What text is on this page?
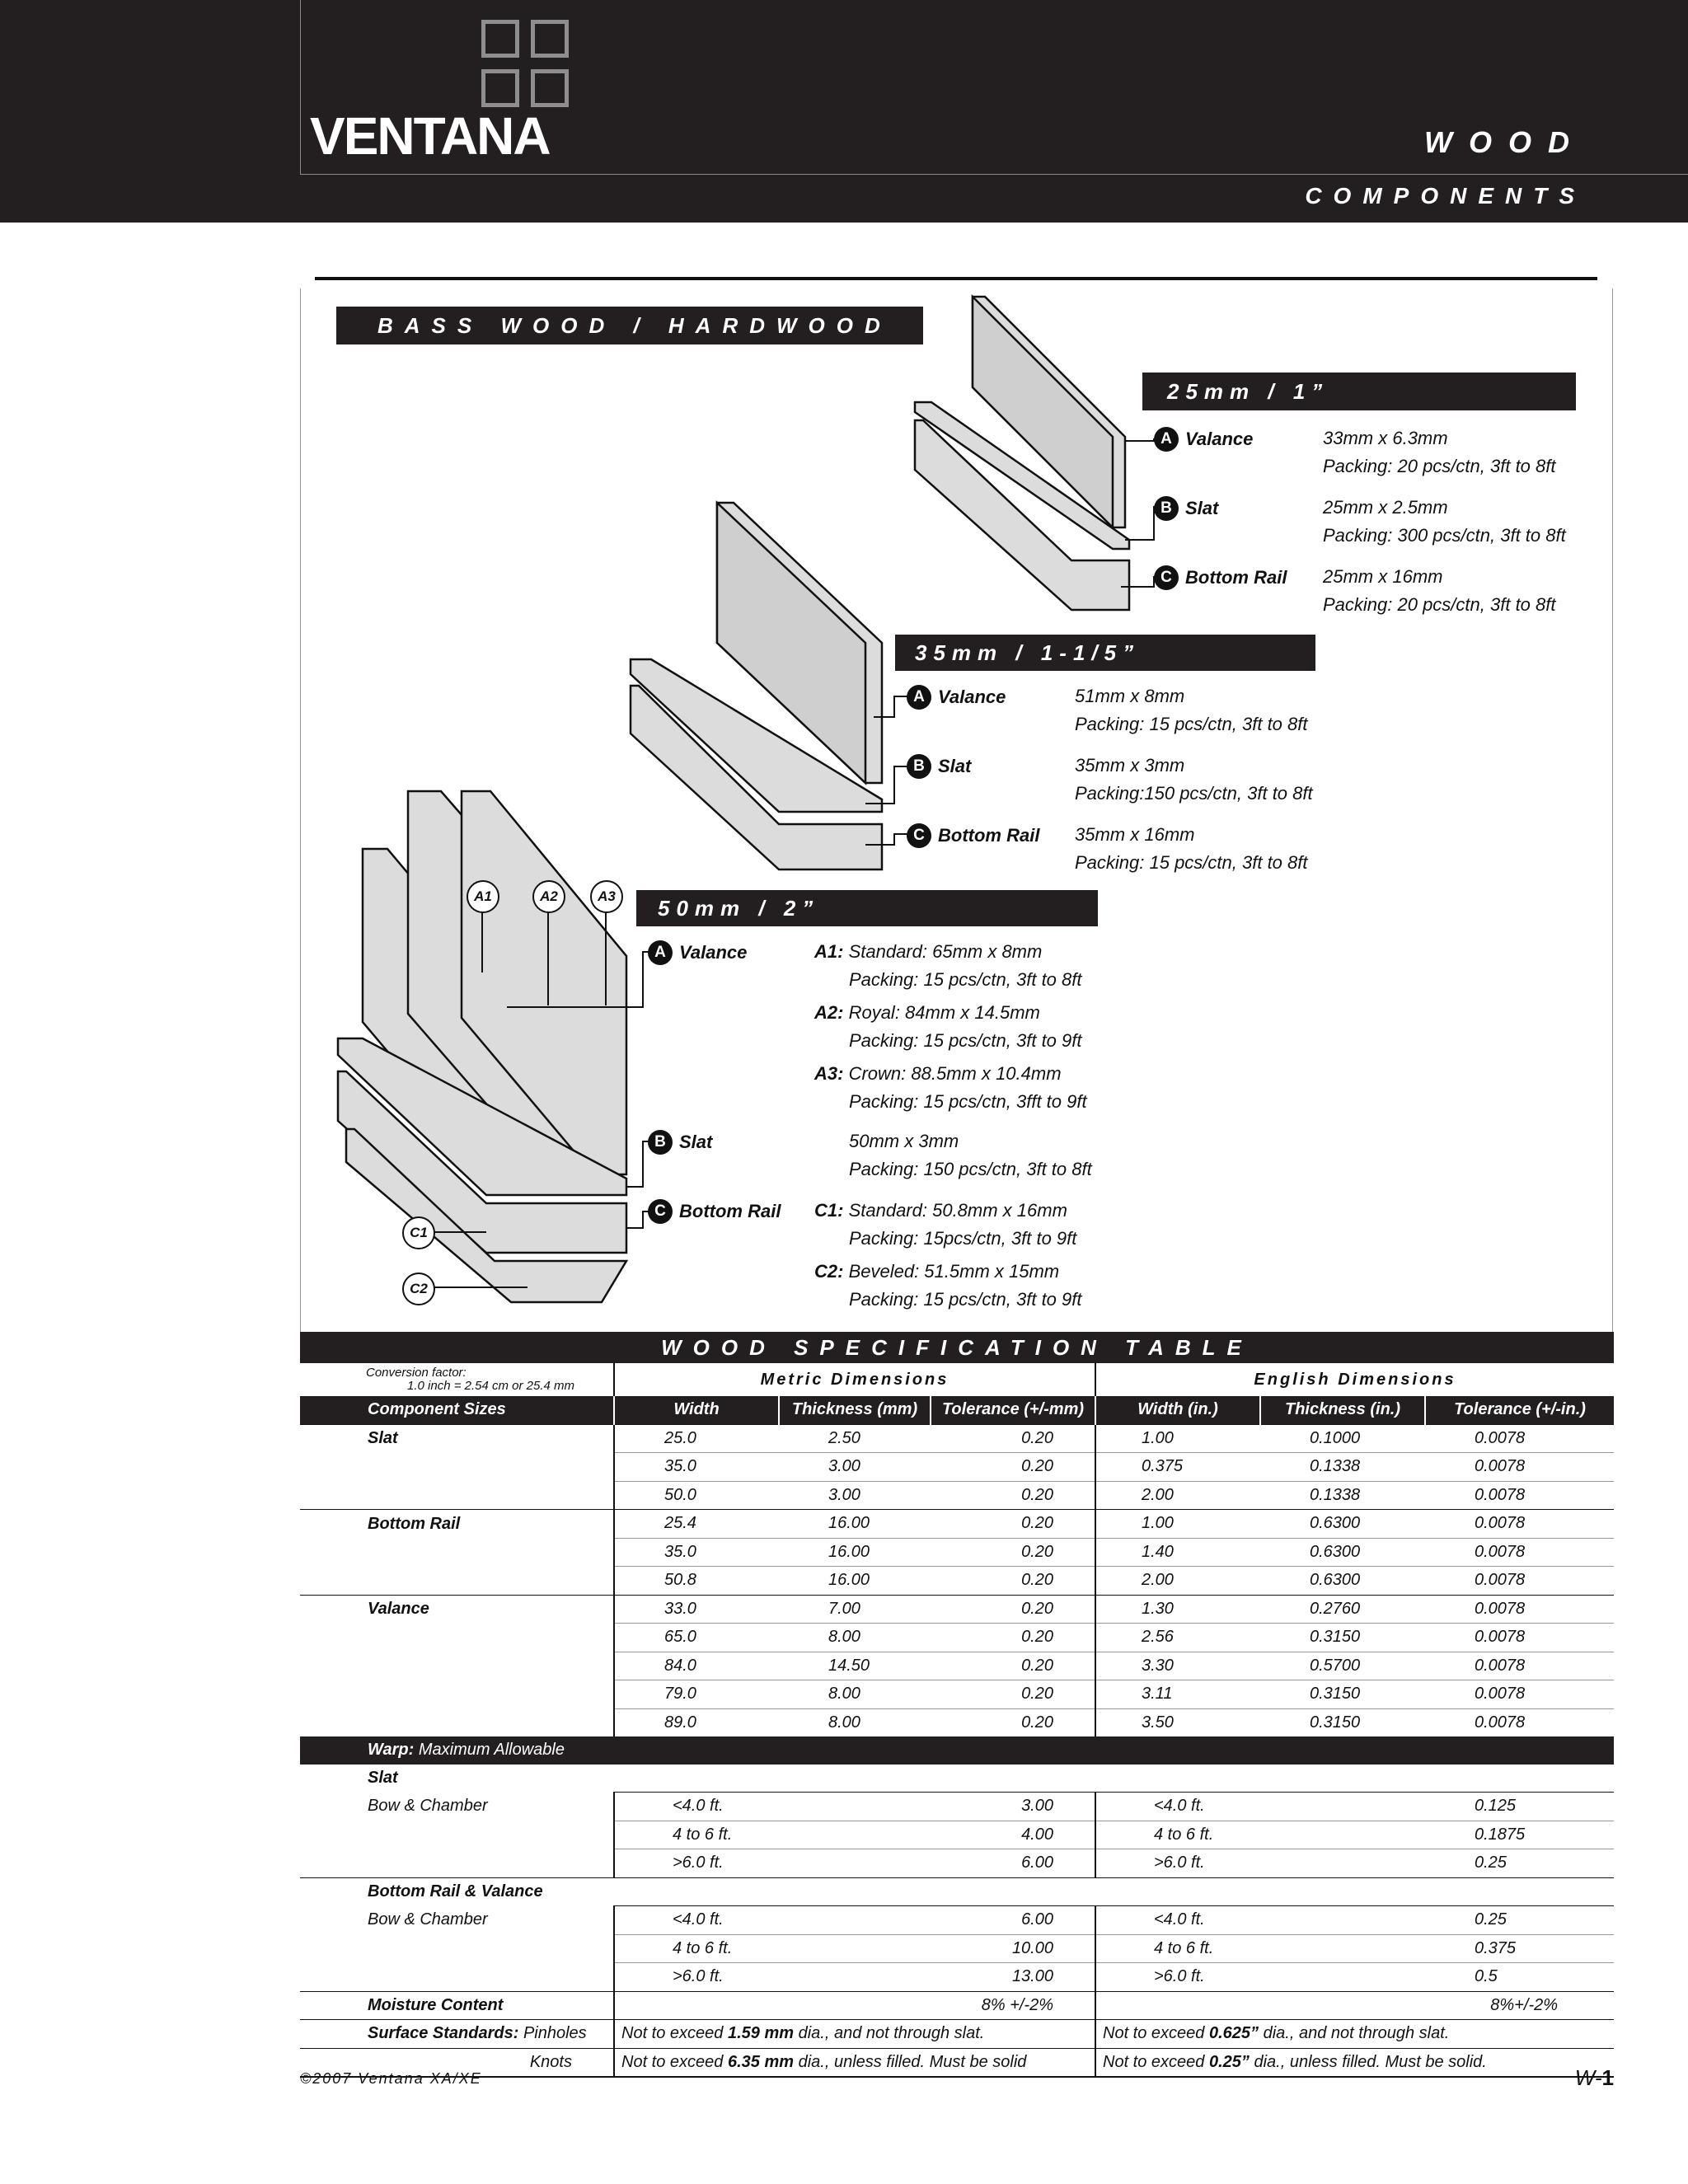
VENTANA	WOOD
COMPONENTS
BASS WOOD / HARDWOOD
A1	A2	A3
C1
C2
25mm / 1”
A Valance	33mm x 6.3mm
Packing: 20 pcs/ctn, 3ft to 8ft
B Slat	25mm x 2.5mm
Packing: 300 pcs/ctn, 3ft to 8ft
C Bottom Rail 25mm x 16mm
Packing: 20 pcs/ctn, 3ft to 8ft
35mm / 1-1/5”
A Valance	51mm x 8mm
Packing: 15 pcs/ctn, 3ft to 8ft
B Slat	35mm x 3mm
Packing:150 pcs/ctn, 3ft to 8ft
C Bottom Rail 35mm x 16mm
Packing: 15 pcs/ctn, 3ft to 8ft
50mm / 2”
A Valance	A1: Standard: 65mm x 8mm
Packing: 15 pcs/ctn, 3ft to 8ft
A2: Royal: 84mm x 14.5mm
Packing: 15 pcs/ctn, 3ft to 9ft
A3: Crown: 88.5mm x 10.4mm
Packing: 15 pcs/ctn, 3fft to 9ft
B Slat	50mm x 3mm
Packing: 150 pcs/ctn, 3ft to 8ft
C Bottom Rail C1: Standard: 50.8mm x 16mm
Packing: 15pcs/ctn, 3ft to 9ft
C2: Beveled: 51.5mm x 15mm
Packing: 15 pcs/ctn, 3ft to 9ft
WOOD SPECIFICATION TABLE						

Conversion factor:
1.0 inch = 2.54 cm or 25.4 mm	Metric Dimensions			English Dimensions		
Component Sizes	Width	Thickness (mm)	Tolerance (+/-mm)	Width (in.)	Thickness (in.)	Tolerance (+/-in.)
Slat	25.0	2.50	0.20	1.00	0.1000	0.0078
	35.0	3.00	0.20	0.375	0.1338	0.0078
	50.0	3.00	0.20	2.00	0.1338	0.0078
Bottom Rail	25.4	16.00	0.20	1.00	0.6300	0.0078
	35.0	16.00	0.20	1.40	0.6300	0.0078
	50.8	16.00	0.20	2.00	0.6300	0.0078
Valance	33.0	7.00	0.20	1.30	0.2760	0.0078
	65.0	8.00	0.20	2.56	0.3150	0.0078
	84.0	14.50	0.20	3.30	0.5700	0.0078
	79.0	8.00	0.20	3.11	0.3150	0.0078
	89.0	8.00	0.20	3.50	0.3150	0.0078
Warp: Maximum Allowable						
Slat						
Bow & Chamber	<4.0 ft.		3.00	<4.0 ft.		0.125
	4 to 6 ft.		4.00	4 to 6 ft.		0.1875
	>6.0 ft.		6.00	>6.0 ft.		0.25
Bottom Rail & Valance						
Bow & Chamber	<4.0 ft.		6.00	<4.0 ft.		0.25
	4 to 6 ft.		10.00	4 to 6 ft.		0.375
	>6.0 ft.		13.00	>6.0 ft.		0.5
Moisture Content	8% +/-2%			8%+/-2%		
Surface Standards: Pinholes	Not to exceed 1.59 mm dia., and not through slat.			Not to exceed 0.625” dia., and not through slat.		
Knots	Not to exceed 6.35 mm dia., unless filled. Must be solid			Not to exceed 0.25” dia., unless filled. Must be solid.		
©2007 Ventana XA/XE	W-1
